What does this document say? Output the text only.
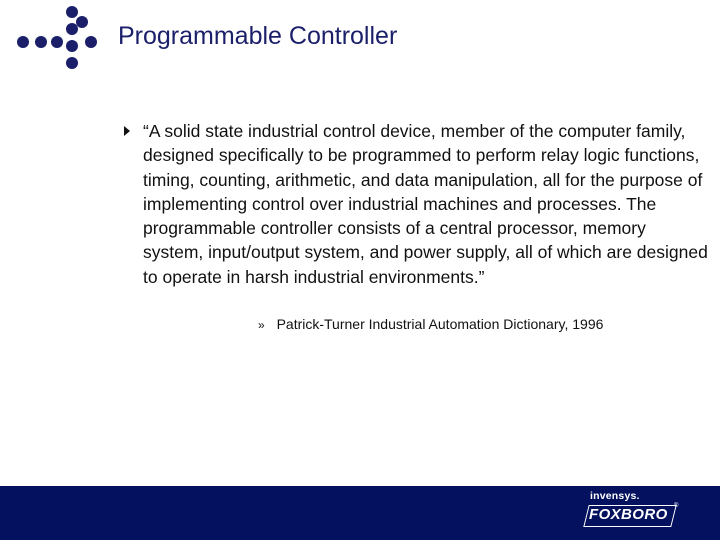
Programmable Controller
“A solid state industrial control device, member of the computer family, designed specifically to be programmed to perform relay logic functions, timing, counting, arithmetic, and data manipulation, all for the purpose of implementing control over industrial machines and processes. The programmable controller consists of a central processor, memory system, input/output system, and power supply, all of which are designed to operate in harsh industrial environments.”
» Patrick-Turner Industrial Automation Dictionary, 1996
invensys.
FOXBORO ®
